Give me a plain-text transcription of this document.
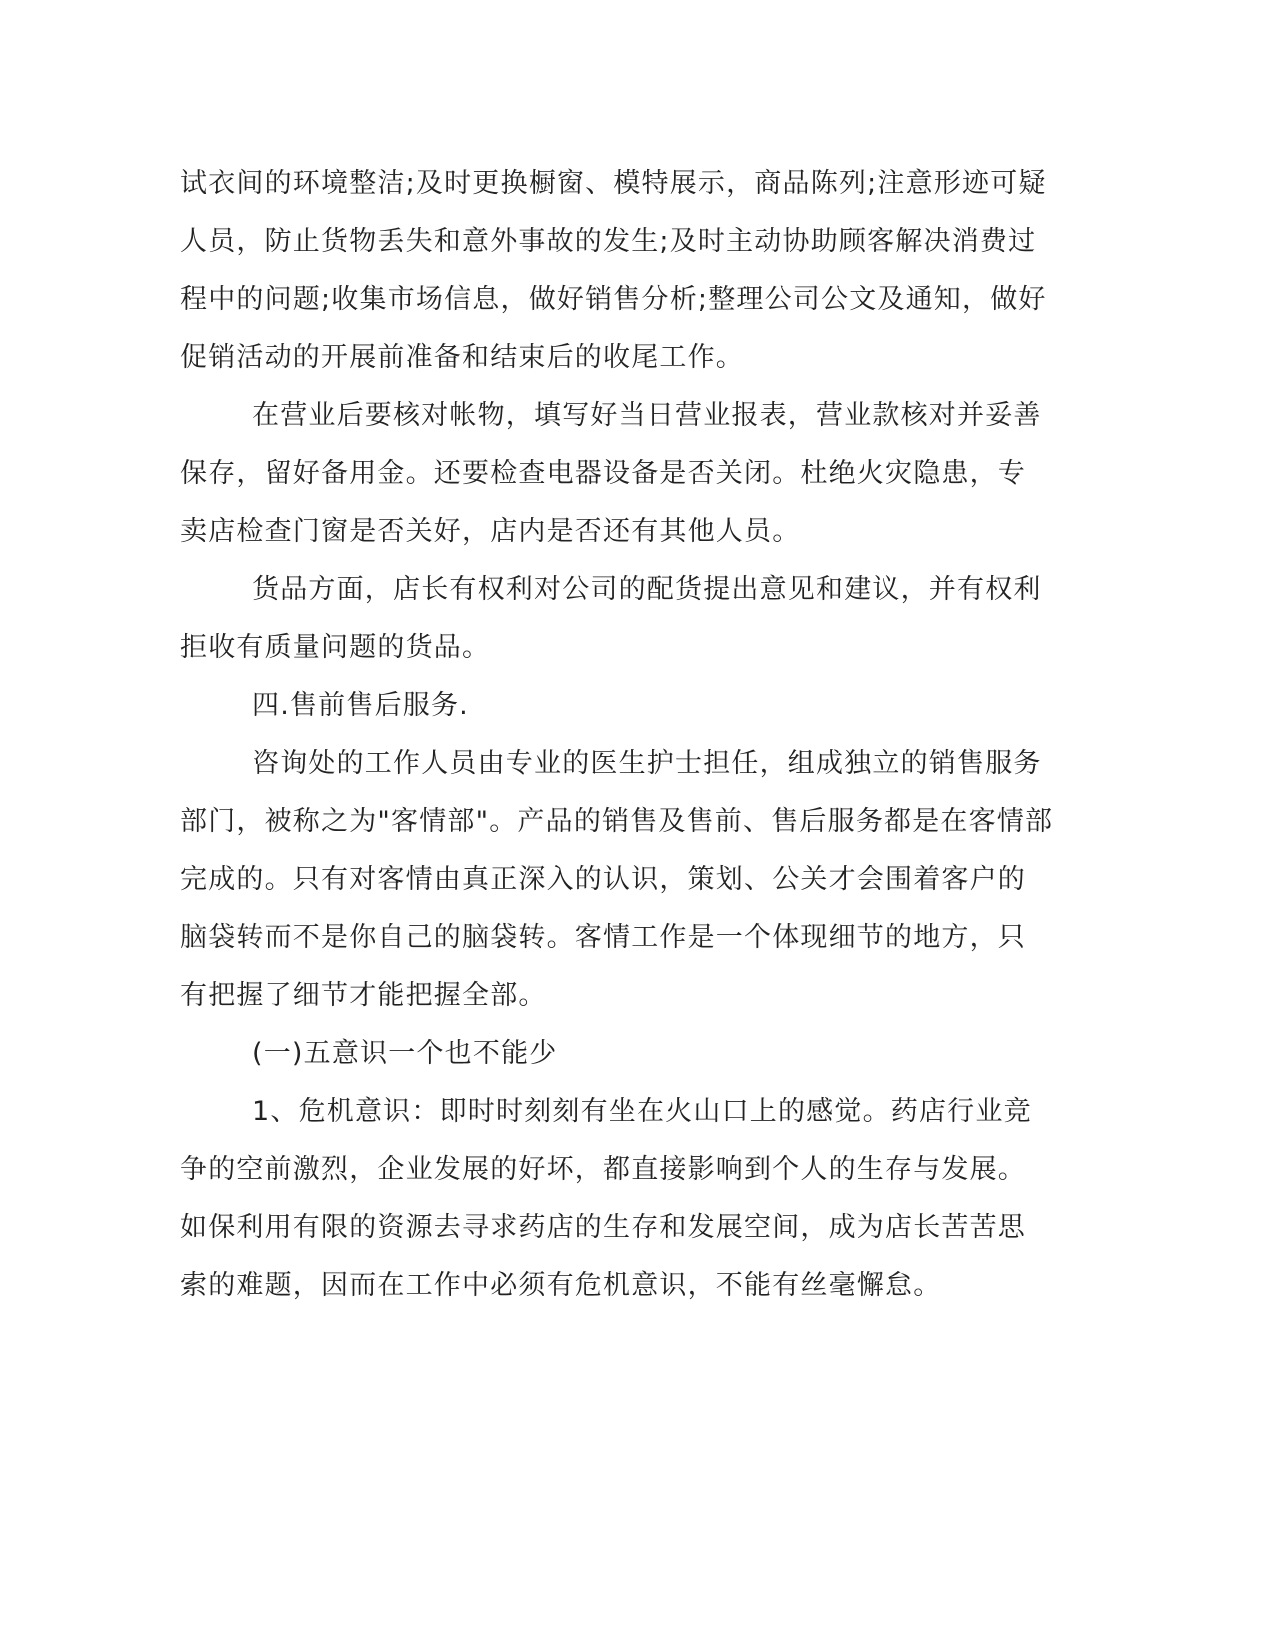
试衣间的环境整洁;及时更换橱窗、模特展示，商品陈列;注意形迹可疑
人员，防止货物丢失和意外事故的发生;及时主动协助顾客解决消费过
程中的问题;收集市场信息，做好销售分析;整理公司公文及通知，做好
促销活动的开展前准备和结束后的收尾工作。
在营业后要核对帐物，填写好当日营业报表，营业款核对并妥善
保存，留好备用金。还要检查电器设备是否关闭。杜绝火灾隐患，专
卖店检查门窗是否关好，店内是否还有其他人员。
货品方面，店长有权利对公司的配货提出意见和建议，并有权利
拒收有质量问题的货品。
四.售前售后服务.
咨询处的工作人员由专业的医生护士担任，组成独立的销售服务
部门，被称之为"客情部"。产品的销售及售前、售后服务都是在客情部
完成的。只有对客情由真正深入的认识，策划、公关才会围着客户的
脑袋转而不是你自己的脑袋转。客情工作是一个体现细节的地方，只
有把握了细节才能把握全部。
(一)五意识一个也不能少
1、危机意识：即时时刻刻有坐在火山口上的感觉。药店行业竞
争的空前激烈，企业发展的好坏，都直接影响到个人的生存与发展。
如保利用有限的资源去寻求药店的生存和发展空间，成为店长苦苦思
索的难题，因而在工作中必须有危机意识，不能有丝毫懈怠。
